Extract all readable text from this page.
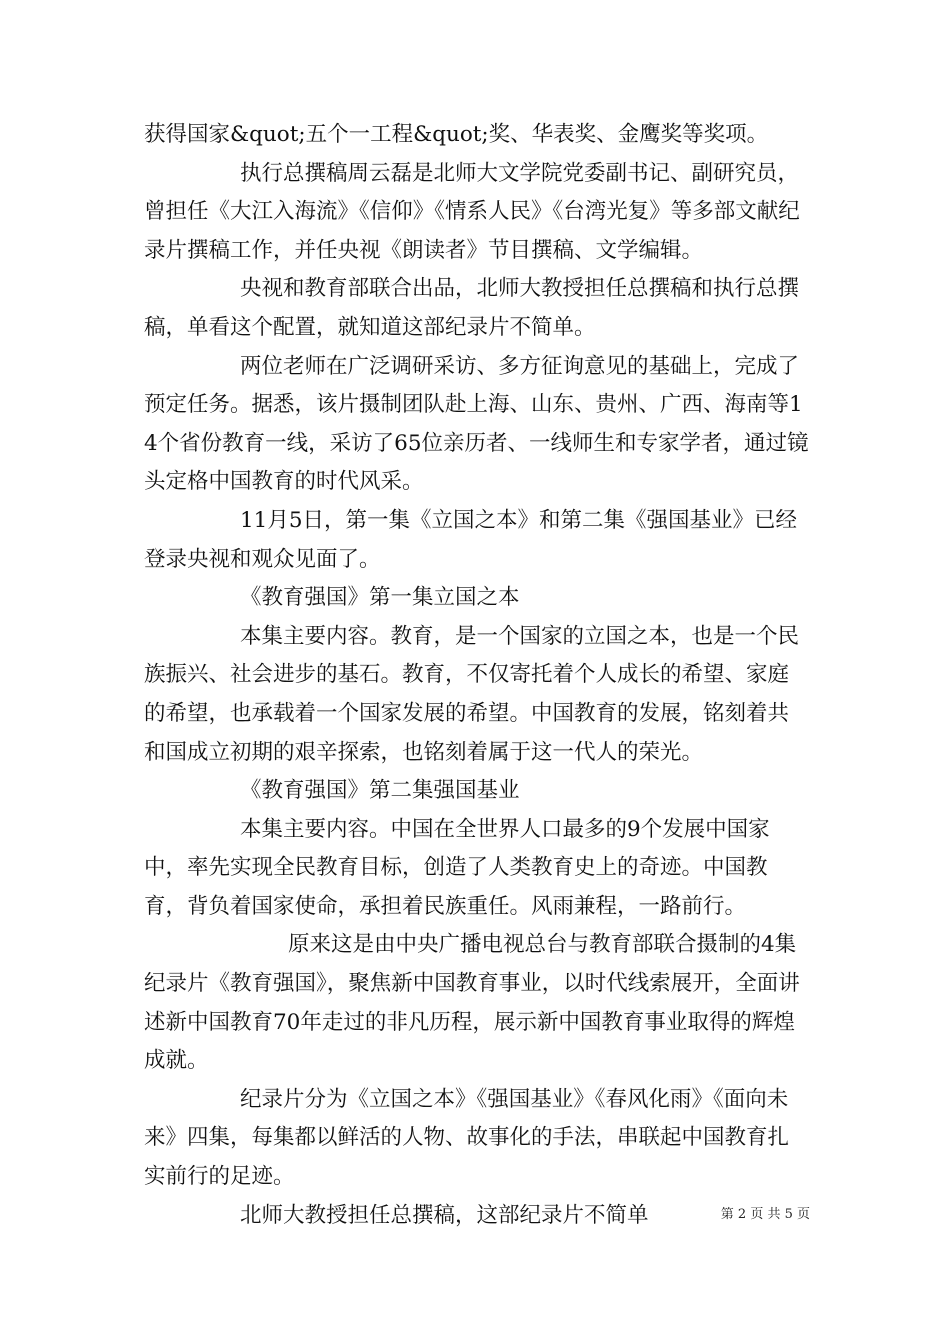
获得国家&quot;五个一工程&quot;奖、华表奖、金鹰奖等奖项。

执行总撰稿周云磊是北师大文学院党委副书记、副研究员，曾担任《大江入海流》《信仰》《情系人民》《台湾光复》等多部文献纪录片撰稿工作，并任央视《朗读者》节目撰稿、文学编辑。

央视和教育部联合出品，北师大教授担任总撰稿和执行总撰稿，单看这个配置，就知道这部纪录片不简单。

两位老师在广泛调研采访、多方征询意见的基础上，完成了预定任务。据悉，该片摄制团队赴上海、山东、贵州、广西、海南等14个省份教育一线，采访了65位亲历者、一线师生和专家学者，通过镜头定格中国教育的时代风采。

11月5日，第一集《立国之本》和第二集《强国基业》已经登录央视和观众见面了。

《教育强国》第一集立国之本

本集主要内容。教育，是一个国家的立国之本，也是一个民族振兴、社会进步的基石。教育，不仅寄托着个人成长的希望、家庭的希望，也承载着一个国家发展的希望。中国教育的发展，铭刻着共和国成立初期的艰辛探索，也铭刻着属于这一代人的荣光。

《教育强国》第二集强国基业

本集主要内容。中国在全世界人口最多的9个发展中国家中，率先实现全民教育目标，创造了人类教育史上的奇迹。中国教育，背负着国家使命，承担着民族重任。风雨兼程，一路前行。

原来这是由中央广播电视总台与教育部联合摄制的4集纪录片《教育强国》，聚焦新中国教育事业，以时代线索展开，全面讲述新中国教育70年走过的非凡历程，展示新中国教育事业取得的辉煌成就。

纪录片分为《立国之本》《强国基业》《春风化雨》《面向未来》四集，每集都以鲜活的人物、故事化的手法，串联起中国教育扎实前行的足迹。

北师大教授担任总撰稿，这部纪录片不简单	第 2 页 共 5 页
